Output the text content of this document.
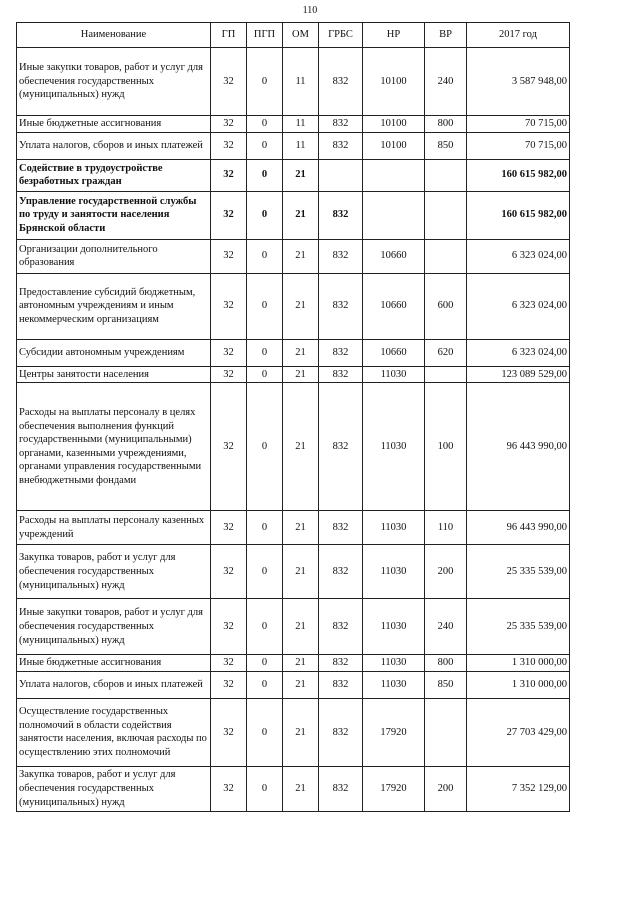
110
Наименование	ГП	ПГП	ОМ	ГРБС	НР	ВР	2017 год
Иные закупки товаров, работ и услуг для обеспечения государственных (муниципальных) нужд	32	0	11	832	10100	240	3 587 948,00
Иные бюджетные ассигнования	32	0	11	832	10100	800	70 715,00
Уплата налогов, сборов и иных платежей	32	0	11	832	10100	850	70 715,00
Содействие в трудоустройстве безработных граждан	32	0	21				160 615 982,00
Управление государственной службы по труду и занятости населения Брянской области	32	0	21	832			160 615 982,00
Организации дополнительного образования	32	0	21	832	10660		6 323 024,00
Предоставление субсидий бюджетным, автономным учреждениям и иным некоммерческим организациям	32	0	21	832	10660	600	6 323 024,00
Субсидии автономным учреждениям	32	0	21	832	10660	620	6 323 024,00
Центры занятости населения	32	0	21	832	11030		123 089 529,00
Расходы на выплаты персоналу в целях обеспечения выполнения функций государственными (муниципальными) органами, казенными учреждениями, органами управления государственными внебюджетными фондами	32	0	21	832	11030	100	96 443 990,00
Расходы на выплаты персоналу казенных учреждений	32	0	21	832	11030	110	96 443 990,00
Закупка товаров, работ и услуг для обеспечения государственных (муниципальных) нужд	32	0	21	832	11030	200	25 335 539,00
Иные закупки товаров, работ и услуг для обеспечения государственных (муниципальных) нужд	32	0	21	832	11030	240	25 335 539,00
Иные бюджетные ассигнования	32	0	21	832	11030	800	1 310 000,00
Уплата налогов, сборов и иных платежей	32	0	21	832	11030	850	1 310 000,00
Осуществление государственных полномочий в области содействия занятости населения, включая расходы по осуществлению этих полномочий	32	0	21	832	17920		27 703 429,00
Закупка товаров, работ и услуг для обеспечения государственных (муниципальных) нужд	32	0	21	832	17920	200	7 352 129,00
